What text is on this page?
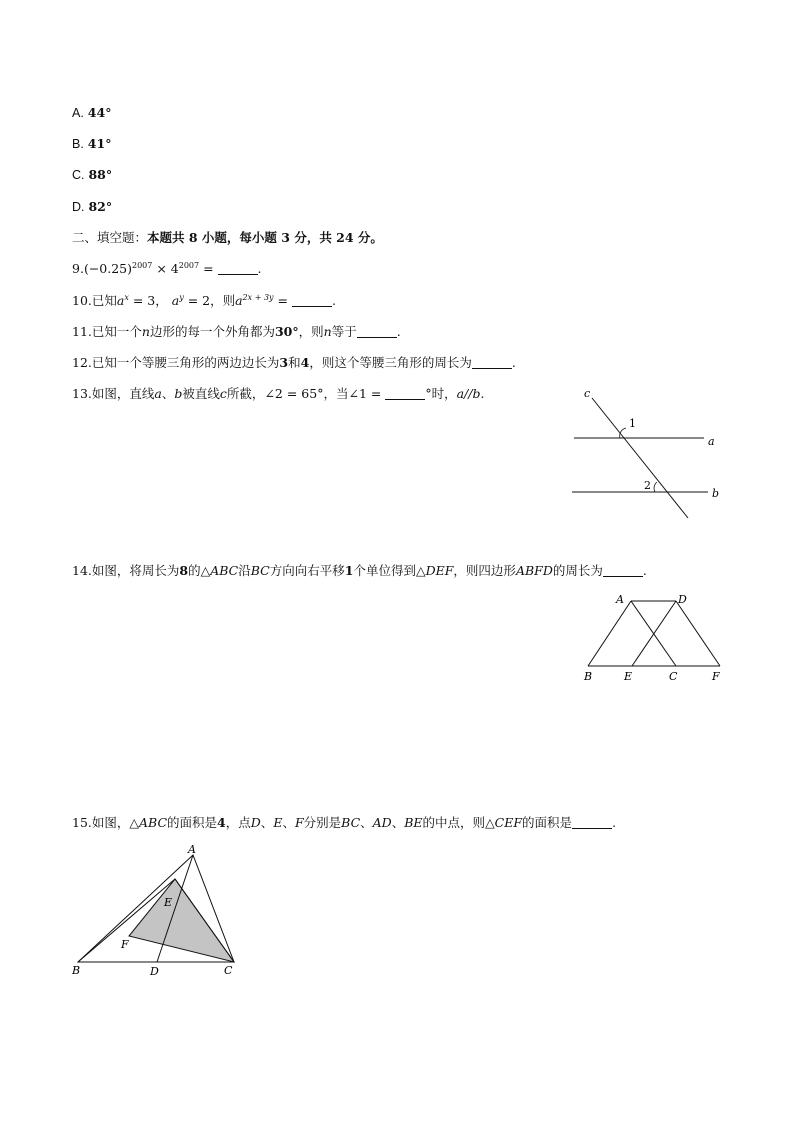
A. 44°
B. 41°
C. 88°
D. 82°
二、填空题：本题共 8 小题，每小题 3 分，共 24 分。
$9.(-0.25)^{2007} \times 4^{2007}$ =	.
10.已知$a^x = 3$， $a^y = 2$，则$a^{2x + 3y}$ =	.
11.已知一个n边形的每一个外角都为30°，则n等于	.
12.已知一个等腰三角形的两边边长为3和4，则这个等腰三角形的周长为	.
13.如图，直线a、b被直线c所截，∠2 = 65°，当∠1 =	°时，a//b.	c
1
a
2
b
14.如图，将周长为8的△ABC沿BC方向向右平移1个单位得到△DEF，则四边形ABFD的周长为	.
A	D
B	E	C	F
15.如图，△ABC的面积是4，点D、E、F分别是BC、AD、BE的中点，则△CEF的面积是	.
A
E
F
B	D	C
